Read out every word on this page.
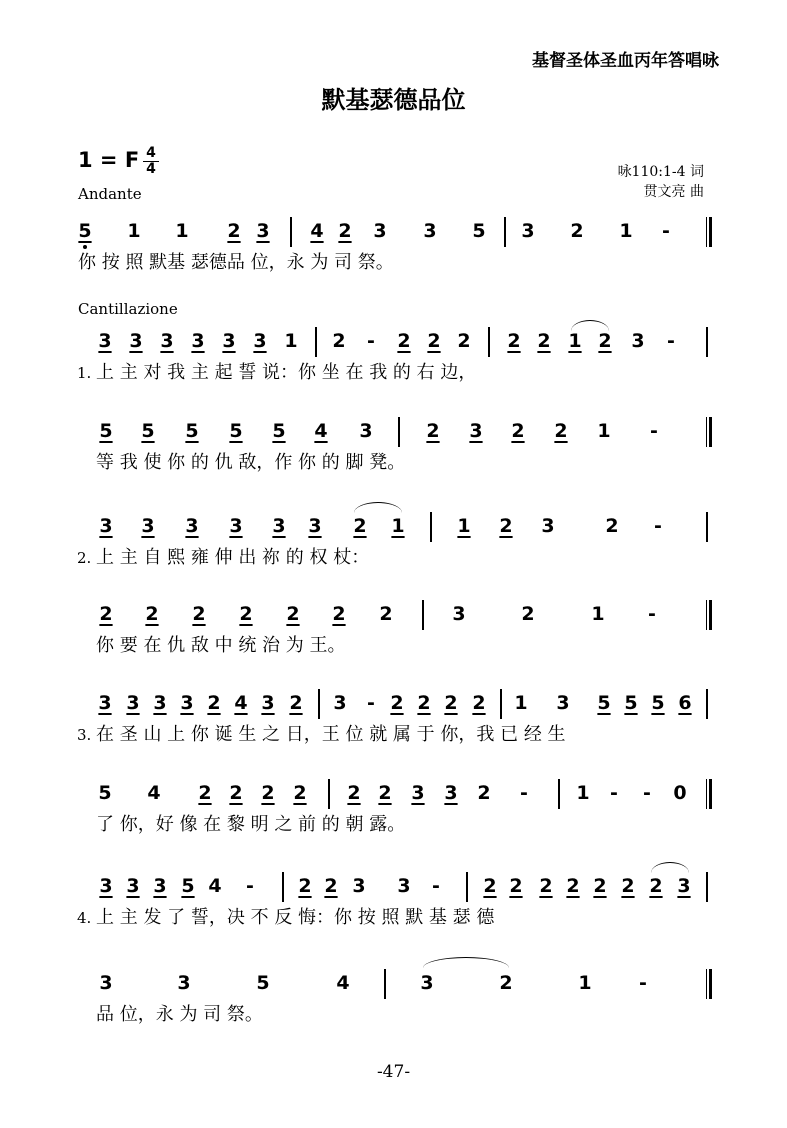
基督圣体圣血丙年答唱咏
默基瑟德品位
1 = F 4
4	咏110:1-4 词
贯文亮 曲
Andante
Cantillazione
5 1 1 2 3 4 2 3 3 5 3 2 1	-
你 按 照 默基 瑟德品 位，永 为 司 祭。
3 3 3 3 3 3 1 2	-	2 2 2 2 2 1 2 3	-
1. 上 主 对 我 主 起 誓 说：你 坐 在 我 的 右 边，
5 5 5 5 5 4 3	2 3 2 2 1	-
等 我 使 你 的 仇 敌，作 你 的 脚 凳。
3 3 3 3 3 3 2 1	1 2 3	2	-
2. 上 主 自 熙 雍 伸 出 祢 的 权 杖：
2 2 2 2 2 2 2	3	2	1	-
你 要 在 仇 敌 中 统 治 为 王。
3 3 3 3 2 4 3 2 3	- 2 2 2 2 1 3 5 5 5 6
3. 在 圣 山 上 你 诞 生 之 日，王 位 就 属 于 你，我 已 经 生
5 4 2 2 2 2 2 2 3 3 2	-	1	-	-	0
了 你，好 像 在 黎 明 之 前 的 朝 露。
3 3 3 5 4	-	2 2 3 3	-	2 2 2 2 2 2 2 3
4. 上 主 发 了 誓，决 不 反 悔：你 按 照 默 基 瑟 德
3	3	5	4	3	2	1	-
品 位，永 为 司 祭。
-47-
